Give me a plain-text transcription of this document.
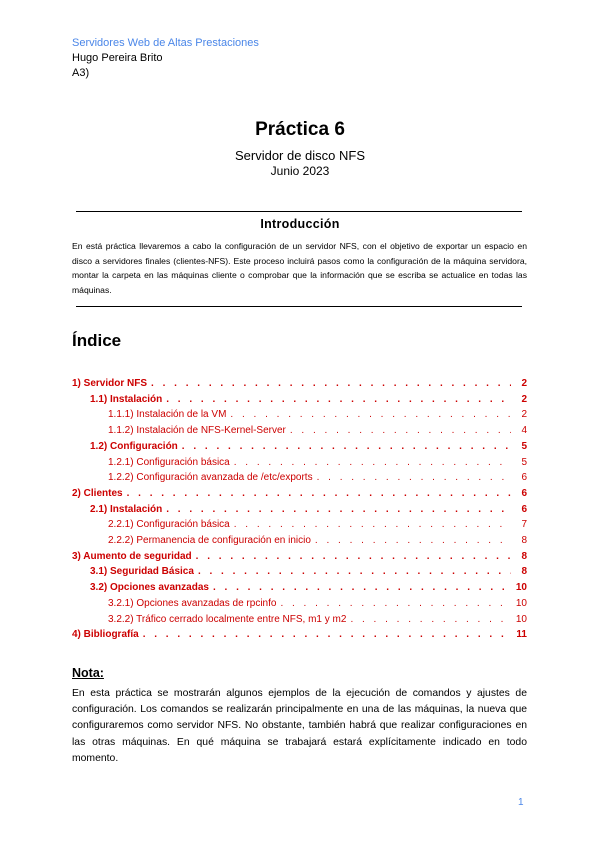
Servidores Web de Altas Prestaciones
Hugo Pereira Brito
A3)
Práctica 6
Servidor de disco NFS
Junio 2023
Introducción
En está práctica llevaremos a cabo la configuración de un servidor NFS, con el objetivo de exportar un espacio en disco a servidores finales (clientes-NFS). Este proceso incluirá pasos como la configuración de la máquina servidora, montar la carpeta en las máquinas cliente o comprobar que la información que se escriba se actualice en todas las máquinas.
Índice
1) Servidor NFS . . .	2
1.1) Instalación . . .	2
1.1.1) Instalación de la VM . . .	2
1.1.2) Instalación de NFS-Kernel-Server . . .	4
1.2) Configuración . . .	5
1.2.1) Configuración básica . . .	5
1.2.2) Configuración avanzada de /etc/exports . . .	6
2) Clientes . . .	6
2.1) Instalación . . .	6
2.2.1) Configuración básica . . .	7
2.2.2) Permanencia de configuración en inicio . . .	8
3) Aumento de seguridad . . .	8
3.1) Seguridad Básica . . .	8
3.2) Opciones avanzadas . . .	10
3.2.1) Opciones avanzadas de rpcinfo . . .	10
3.2.2) Tráfico cerrado localmente entre NFS, m1 y m2 . . .	10
4) Bibliografía . . .	11
Nota:
En esta práctica se mostrarán algunos ejemplos de la ejecución de comandos y ajustes de configuración. Los comandos se realizarán principalmente en una de las máquinas, la nueva que configuraremos como servidor NFS. No obstante, también habrá que realizar configuraciones en las otras máquinas. En qué máquina se trabajará estará explícitamente indicado en todo momento.
1
